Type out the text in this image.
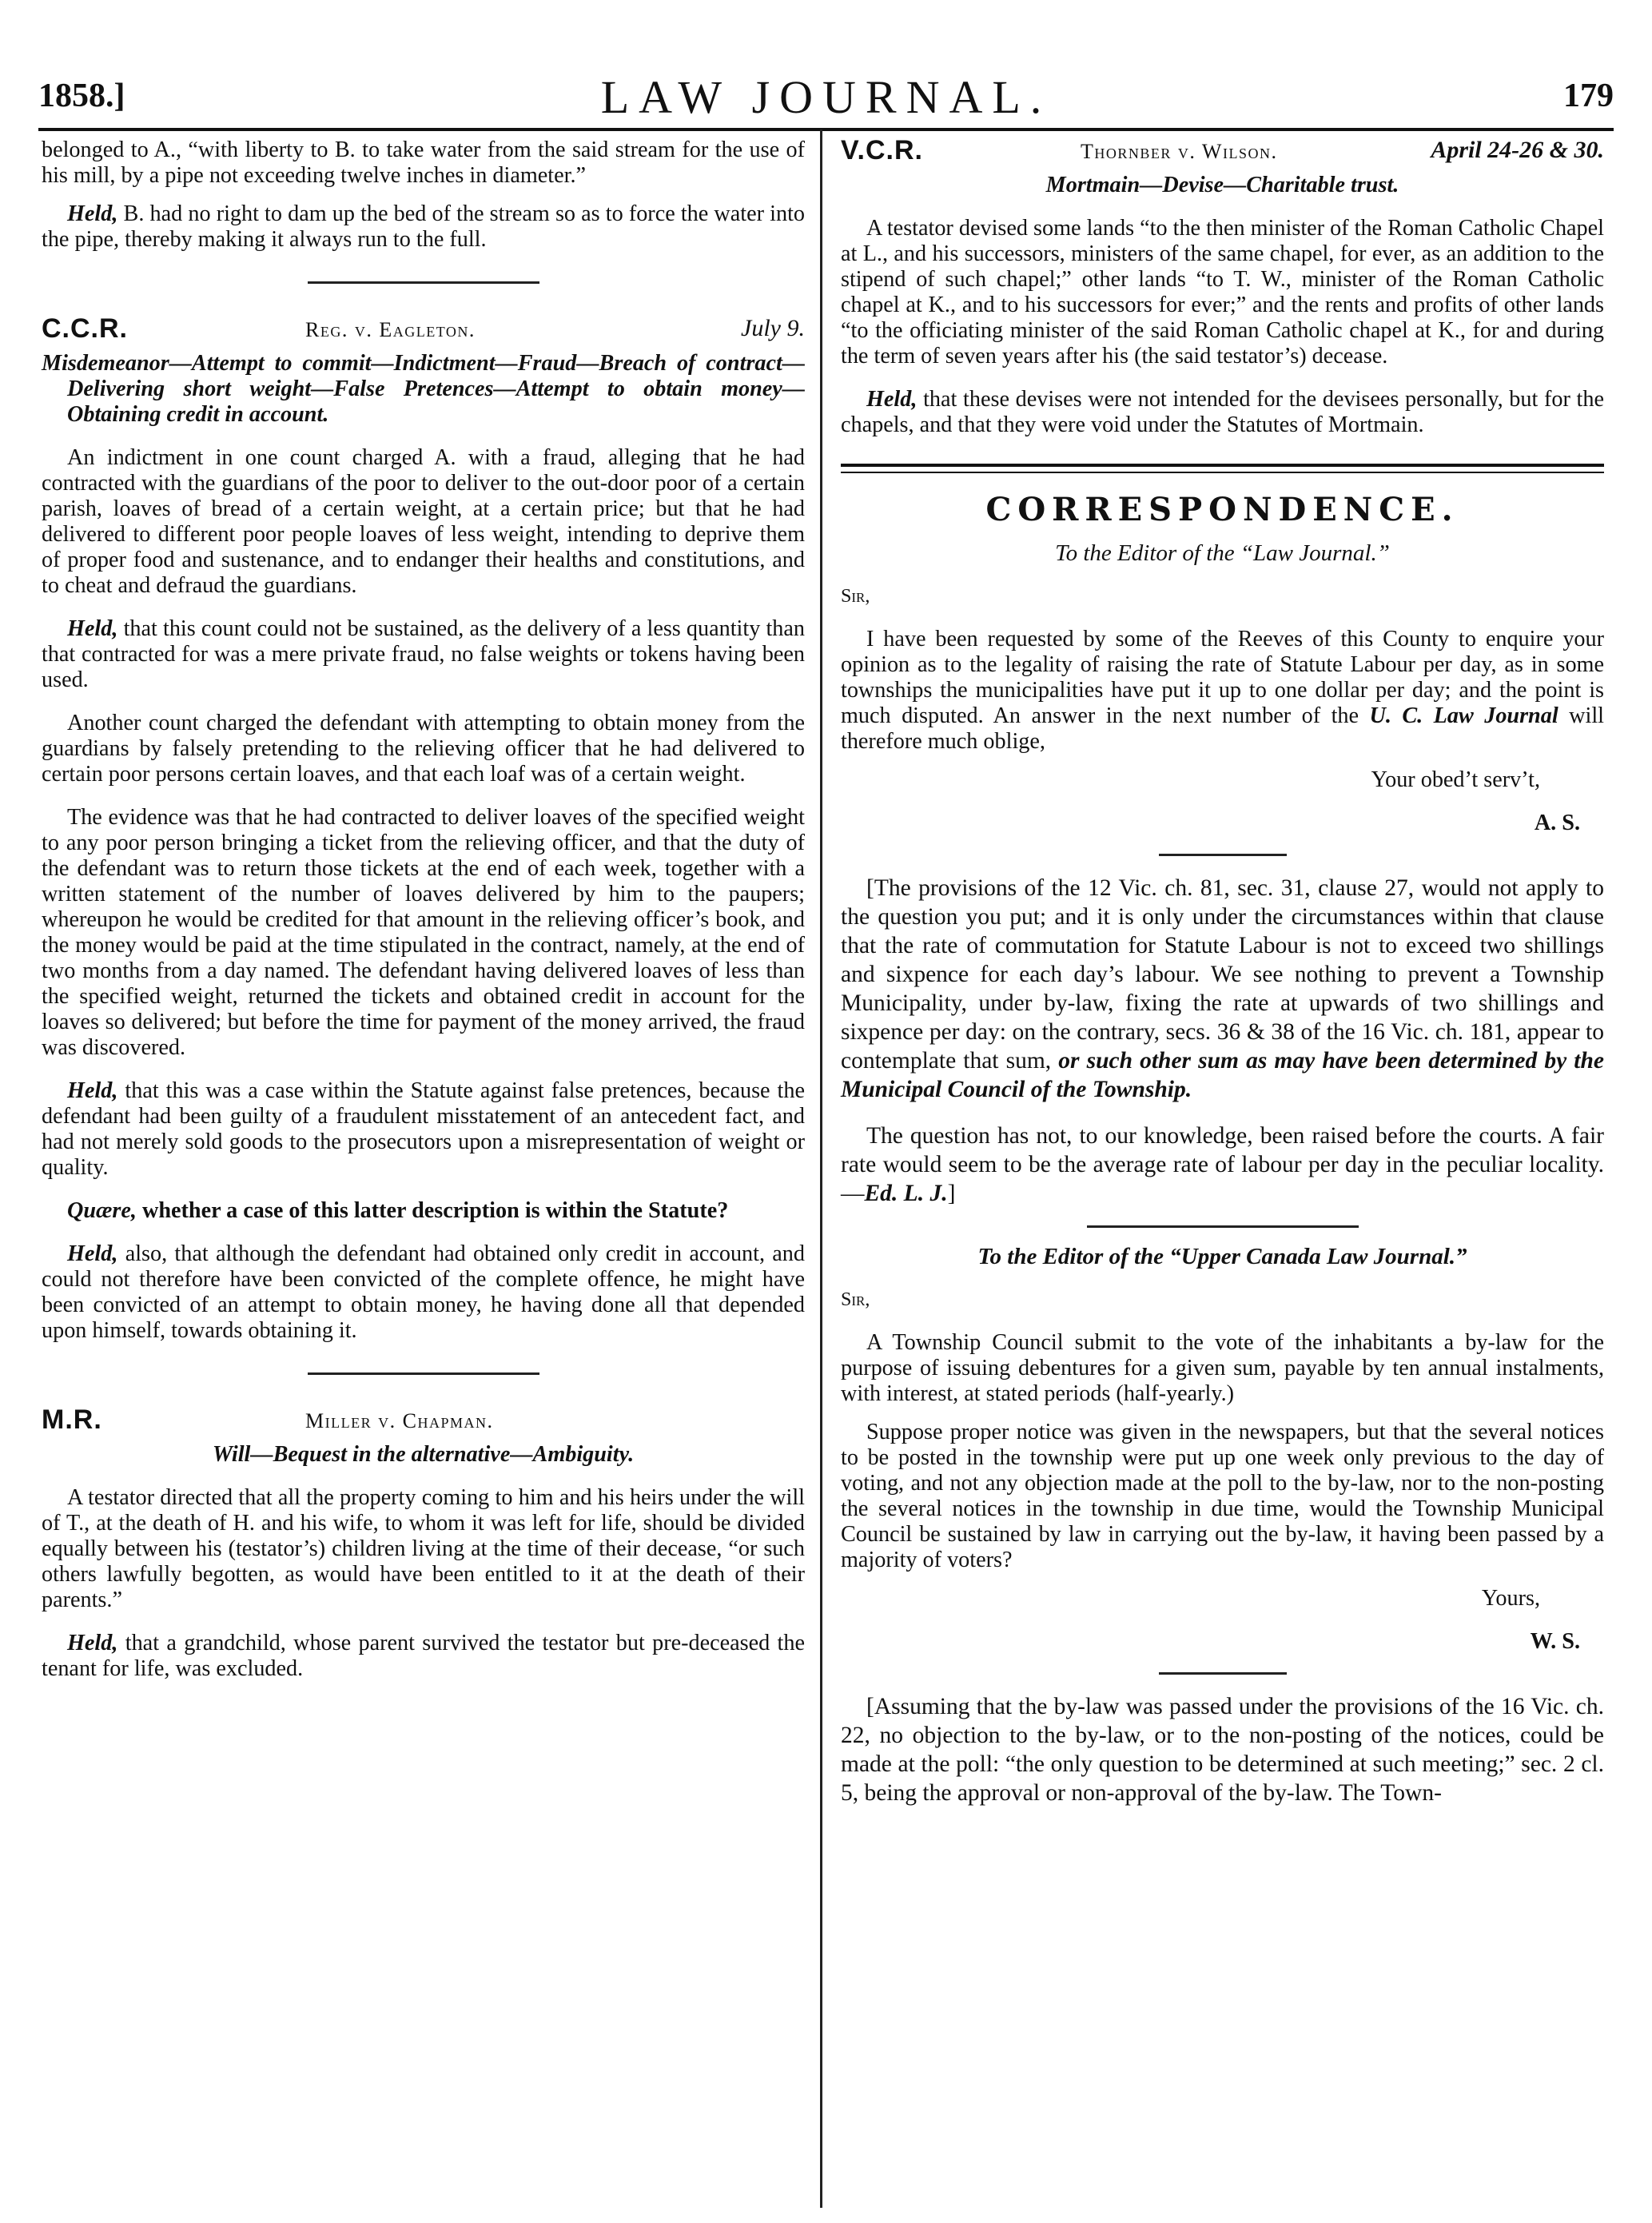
1858.]	LAW JOURNAL.	179

belonged to A., “with liberty to B. to take water from the said stream for the use of his mill, by a pipe not exceeding twelve inches in diameter.”

Held, B. had no right to dam up the bed of the stream so as to force the water into the pipe, thereby making it always run to the full.

C.C.R.	Reg. v. Eagleton.	July 9.

Misdemeanor—Attempt to commit—Indictment—Fraud—Breach of contract—Delivering short weight—False Pretences—Attempt to obtain money—Obtaining credit in account.

An indictment in one count charged A. with a fraud, alleging that he had contracted with the guardians of the poor to deliver to the out-door poor of a certain parish, loaves of bread of a certain weight, at a certain price; but that he had delivered to different poor people loaves of less weight, intending to deprive them of proper food and sustenance, and to endanger their healths and constitutions, and to cheat and defraud the guardians.

Held, that this count could not be sustained, as the delivery of a less quantity than that contracted for was a mere private fraud, no false weights or tokens having been used.

Another count charged the defendant with attempting to obtain money from the guardians by falsely pretending to the relieving officer that he had delivered to certain poor persons certain loaves, and that each loaf was of a certain weight.

The evidence was that he had contracted to deliver loaves of the specified weight to any poor person bringing a ticket from the relieving officer, and that the duty of the defendant was to return those tickets at the end of each week, together with a written statement of the number of loaves delivered by him to the paupers; whereupon he would be credited for that amount in the relieving officer’s book, and the money would be paid at the time stipulated in the contract, namely, at the end of two months from a day named. The defendant having delivered loaves of less than the specified weight, returned the tickets and obtained credit in account for the loaves so delivered; but before the time for payment of the money arrived, the fraud was discovered.

Held, that this was a case within the Statute against false pretences, because the defendant had been guilty of a fraudulent misstatement of an antecedent fact, and had not merely sold goods to the prosecutors upon a misrepresentation of weight or quality.

Quære, whether a case of this latter description is within the Statute?

Held, also, that although the defendant had obtained only credit in account, and could not therefore have been convicted of the complete offence, he might have been convicted of an attempt to obtain money, he having done all that depended upon himself, towards obtaining it.

M.R.	Miller v. Chapman.

Will—Bequest in the alternative—Ambiguity.

A testator directed that all the property coming to him and his heirs under the will of T., at the death of H. and his wife, to whom it was left for life, should be divided equally between his (testator’s) children living at the time of their decease, “or such others lawfully begotten, as would have been entitled to it at the death of their parents.”

Held, that a grandchild, whose parent survived the testator but pre-deceased the tenant for life, was excluded.

V.C.R.	Thornber v. Wilson.	April 24-26 & 30.

Mortmain—Devise—Charitable trust.

A testator devised some lands “to the then minister of the Roman Catholic Chapel at L., and his successors, ministers of the same chapel, for ever, as an addition to the stipend of such chapel;” other lands “to T. W., minister of the Roman Catholic chapel at K., and to his successors for ever;” and the rents and profits of other lands “to the officiating minister of the said Roman Catholic chapel at K., for and during the term of seven years after his (the said testator’s) decease.

Held, that these devises were not intended for the devisees personally, but for the chapels, and that they were void under the Statutes of Mortmain.

CORRESPONDENCE.

To the Editor of the “Law Journal.”

Sir,

I have been requested by some of the Reeves of this County to enquire your opinion as to the legality of raising the rate of Statute Labour per day, as in some townships the municipalities have put it up to one dollar per day; and the point is much disputed. An answer in the next number of the U. C. Law Journal will therefore much oblige,

Your obed’t serv’t,

A. S.

[The provisions of the 12 Vic. ch. 81, sec. 31, clause 27, would not apply to the question you put; and it is only under the circumstances within that clause that the rate of commutation for Statute Labour is not to exceed two shillings and sixpence for each day’s labour. We see nothing to prevent a Township Municipality, under by-law, fixing the rate at upwards of two shillings and sixpence per day: on the contrary, secs. 36 & 38 of the 16 Vic. ch. 181, appear to contemplate that sum, or such other sum as may have been determined by the Municipal Council of the Township.

The question has not, to our knowledge, been raised before the courts. A fair rate would seem to be the average rate of labour per day in the peculiar locality.—Ed. L. J.]

To the Editor of the “Upper Canada Law Journal.”

Sir,

A Township Council submit to the vote of the inhabitants a by-law for the purpose of issuing debentures for a given sum, payable by ten annual instalments, with interest, at stated periods (half-yearly.)

Suppose proper notice was given in the newspapers, but that the several notices to be posted in the township were put up one week only previous to the day of voting, and not any objection made at the poll to the by-law, nor to the non-posting the several notices in the township in due time, would the Township Municipal Council be sustained by law in carrying out the by-law, it having been passed by a majority of voters?

Yours,

W. S.

[Assuming that the by-law was passed under the provisions of the 16 Vic. ch. 22, no objection to the by-law, or to the non-posting of the notices, could be made at the poll: “the only question to be determined at such meeting;” sec. 2 cl. 5, being the approval or non-approval of the by-law. The Town-
